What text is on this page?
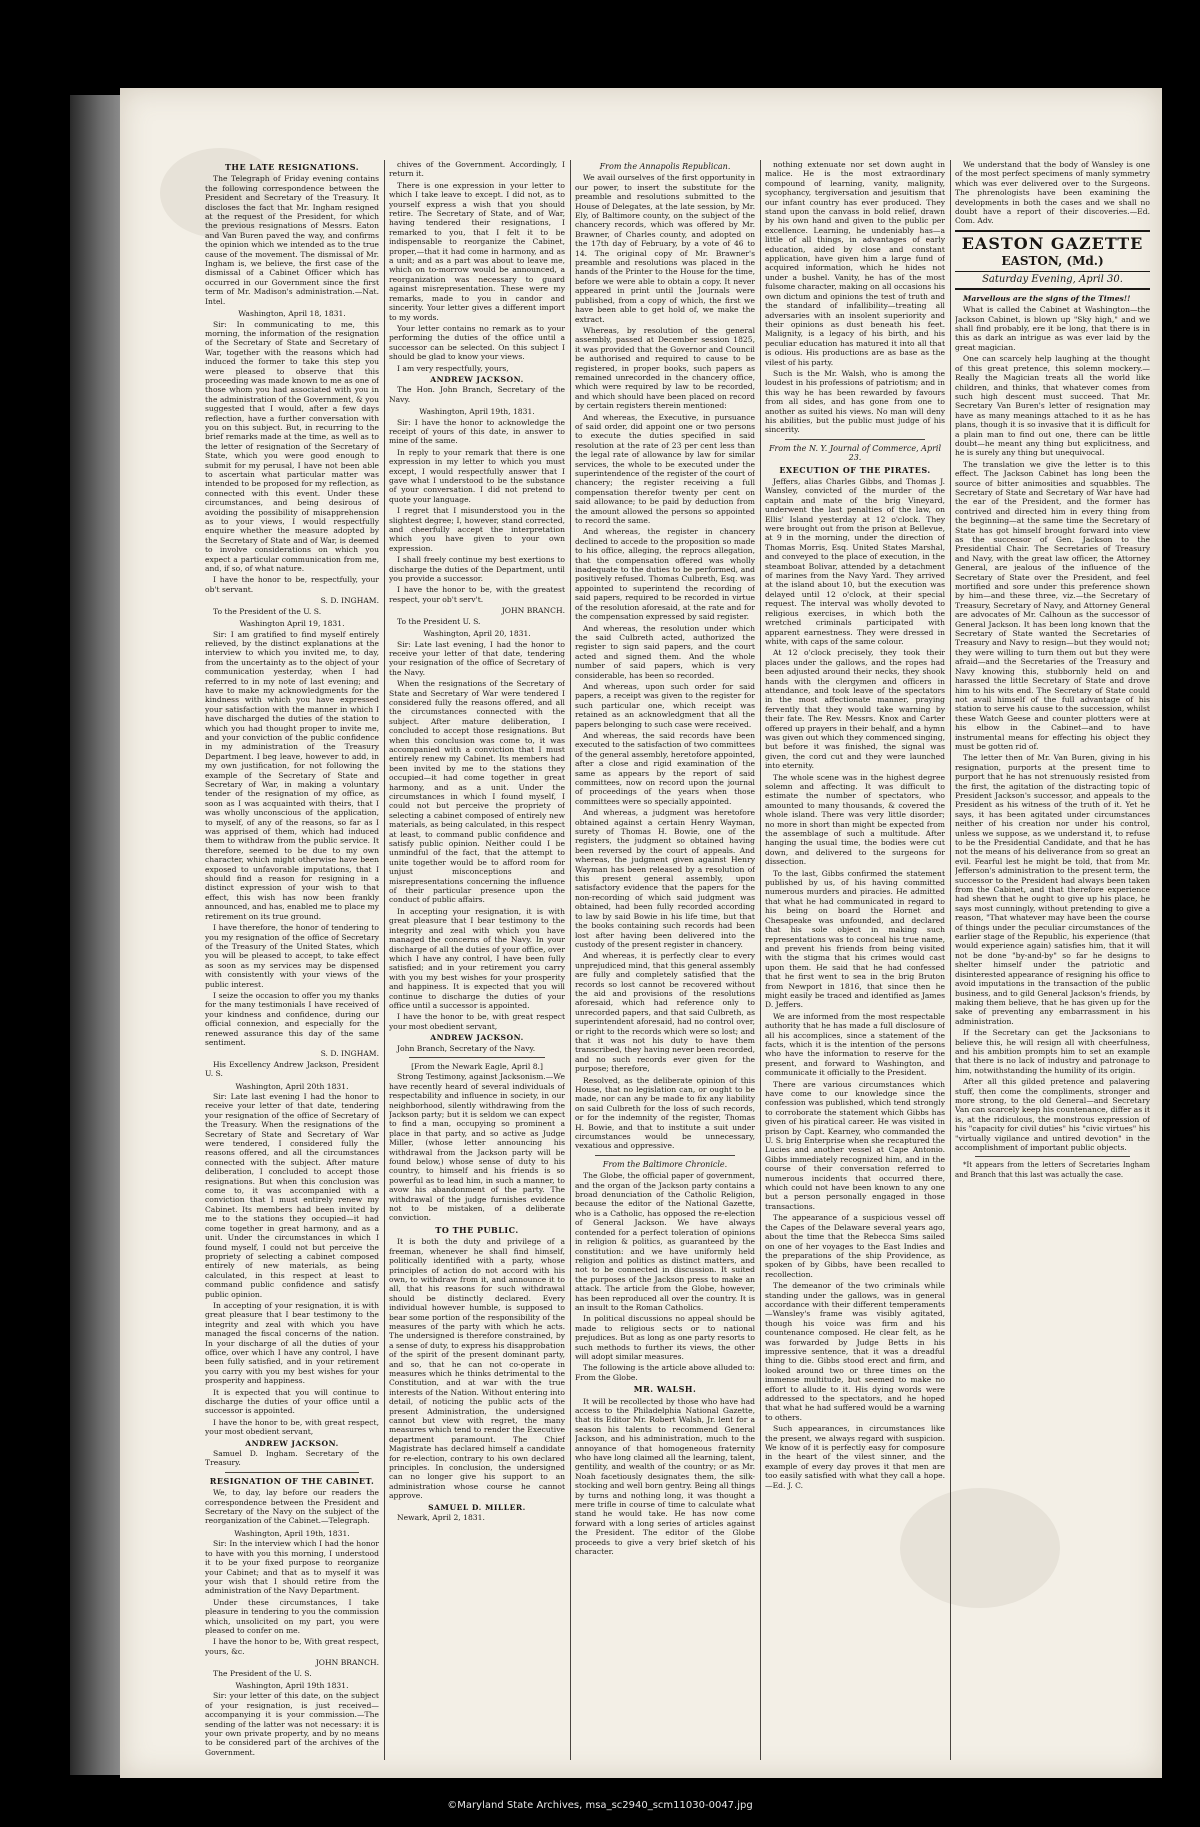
THE LATE RESIGNATIONS.

The Telegraph of Friday evening contains the following correspondence between the President and Secretary of the Treasury. It discloses the fact that Mr. Ingham resigned at the request of the President, for which the previous resignations of Messrs. Eaton and Van Buren paved the way, and confirms the opinion which we intended as to the true cause of the movement. The dismissal of Mr. Ingham is, we believe, the first case of the dismissal of a Cabinet Officer which has occurred in our Government since the first term of Mr. Madison's administration.—Nat. Intel.

Washington, April 18, 1831.

Sir: In communicating to me, this morning, the information of the resignation of the Secretary of State and Secretary of War, together with the reasons which had induced the former to take this step you were pleased to observe that this proceeding was made known to me as one of those whom you had associated with you in the administration of the Government, & you suggested that I would, after a few days reflection, have a further conversation with you on this subject. But, in recurring to the brief remarks made at the time, as well as to the letter of resignation of the Secretary of State, which you were good enough to submit for my perusal, I have not been able to ascertain what particular matter was intended to be proposed for my reflection, as connected with this event. Under these circumstances, and being desirous of avoiding the possibility of misapprehension as to your views, I would respectfully enquire whether the measure adopted by the Secretary of State and of War, is deemed to involve considerations on which you expect a particular communication from me, and, if so, of what nature.

I have the honor to be, respectfully, your ob't servant.

S. D. INGHAM.

To the President of the U. S.

Washington April 19, 1831.

Sir: I am gratified to find myself entirely relieved, by the distinct explanations at the interview to which you invited me, to day, from the uncertainty as to the object of your communication yesterday, when I had referred to in my note of last evening; and have to make my acknowledgments for the kindness with which you have expressed your satisfaction with the manner in which I have discharged the duties of the station to which you had thought proper to invite me, and your conviction of the public confidence in my administration of the Treasury Department. I beg leave, however to add, in my own justification, for not following the example of the Secretary of State and Secretary of War, in making a voluntary tender of the resignation of my office, as soon as I was acquainted with theirs, that I was wholly unconscious of the application, to myself, of any of the reasons, so far as I was apprised of them, which had induced them to withdraw from the public service. It therefore, seemed to be due to my own character, which might otherwise have been exposed to unfavorable imputations, that I should find a reason for resigning in a distinct expression of your wish to that effect, this wish has now been frankly announced, and has, enabled me to place my retirement on its true ground.

I have therefore, the honor of tendering to you my resignation of the office of Secretary of the Treasury of the United States, which you will be pleased to accept, to take effect as soon as my services may be dispensed with consistently with your views of the public interest.

I seize the occasion to offer you my thanks for the many testimonials I have received of your kindness and confidence, during our official connexion, and especially for the renewed assurance this day of the same sentiment.

S. D. INGHAM.

His Excellency Andrew Jackson, President U. S.

Washington, April 20th 1831.

Sir: Late last evening I had the honor to receive your letter of that date, tendering your resignation of the office of Secretary of the Treasury. When the resignations of the Secretary of State and Secretary of War were tendered, I considered fully the reasons offered, and all the circumstances connected with the subject. After mature deliberation, I concluded to accept those resignations. But when this conclusion was come to, it was accompanied with a conviction that I must entirely renew my Cabinet. Its members had been invited by me to the stations they occupied—it had come together in great harmony, and as a unit. Under the circumstances in which I found myself, I could not but perceive the propriety of selecting a cabinet composed entirely of new materials, as being calculated, in this respect at least to command public confidence and satisfy public opinion.

In accepting of your resignation, it is with great pleasure that I bear testimony to the integrity and zeal with which you have managed the fiscal concerns of the nation. In your discharge of all the duties of your office, over which I have any control, I have been fully satisfied, and in your retirement you carry with you my best wishes for your prosperity and happiness.

It is expected that you will continue to discharge the duties of your office until a successor is appointed.

I have the honor to be, with great respect, your most obedient servant,

ANDREW JACKSON.

Samuel D. Ingham. Secretary of the Treasury.

RESIGNATION OF THE CABINET.

We, to day, lay before our readers the correspondence between the President and Secretary of the Navy on the subject of the reorganization of the Cabinet.—Telegraph.

Washington, April 19th, 1831.

Sir: In the interview which I had the honor to have with you this morning, I understood it to be your fixed purpose to reorganize your Cabinet; and that as to myself it was your wish that I should retire from the administration of the Navy Department.

Under these circumstances, I take pleasure in tendering to you the commission which, unsolicited on my part, you were pleased to confer on me.

I have the honor to be, With great respect, yours, &c.

JOHN BRANCH.

The President of the U. S.

Washington, April 19th 1831.

Sir: your letter of this date, on the subject of your resignation, is just received—accompanying it is your commission.—The sending of the latter was not necessary: it is your own private property, and by no means to be considered part of the archives of the Government.

chives of the Government. Accordingly, I return it.

There is one expression in your letter to which I take leave to except. I did not, as to yourself express a wish that you should retire. The Secretary of State, and of War, having tendered their resignations, I remarked to you, that I felt it to be indispensable to reorganize the Cabinet, proper,—that it had come in harmony, and as a unit; and as a part was about to leave me, which on to-morrow would be announced, a reorganization was necessary to guard against misrepresentation. These were my remarks, made to you in candor and sincerity. Your letter gives a different import to my words.

Your letter contains no remark as to your performing the duties of the office until a successor can be selected. On this subject I should be glad to know your views.

I am very respectfully, yours,

ANDREW JACKSON.

The Hon. John Branch, Secretary of the Navy.

Washington, April 19th, 1831.

Sir: I have the honor to acknowledge the receipt of yours of this date, in answer to mine of the same.

In reply to your remark that there is one expression in my letter to which you must except, I would respectfully answer that I gave what I understood to be the substance of your conversation. I did not pretend to quote your language.

I regret that I misunderstood you in the slightest degree; I, however, stand corrected, and cheerfully accept the interpretation which you have given to your own expression.

I shall freely continue my best exertions to discharge the duties of the Department, until you provide a successor.

I have the honor to be, with the greatest respect, your ob't serv't.

JOHN BRANCH.

To the President U. S.

Washington, April 20, 1831.

Sir: Late last evening, I had the honor to receive your letter of that date, tendering your resignation of the office of Secretary of the Navy.

When the resignations of the Secretary of State and Secretary of War were tendered I considered fully the reasons offered, and all the circumstances connected with the subject. After mature deliberation, I concluded to accept those resignations. But when this conclusion was come to, it was accompanied with a conviction that I must entirely renew my Cabinet. Its members had been invited by me to the stations they occupied—it had come together in great harmony, and as a unit. Under the circumstances in which I found myself, I could not but perceive the propriety of selecting a cabinet composed of entirely new materials, as being calculated, in this respect at least, to command public confidence and satisfy public opinion. Neither could I be unmindful of the fact, that the attempt to unite together would be to afford room for unjust misconceptions and misrepresentations concerning the influence of their particular presence upon the conduct of public affairs.

In accepting your resignation, it is with great pleasure that I bear testimony to the integrity and zeal with which you have managed the concerns of the Navy. In your discharge of all the duties of your office, over which I have any control, I have been fully satisfied; and in your retirement you carry with you my best wishes for your prosperity and happiness. It is expected that you will continue to discharge the duties of your office until a successor is appointed.

I have the honor to be, with great respect your most obedient servant,

ANDREW JACKSON.

John Branch, Secretary of the Navy.

[From the Newark Eagle, April 8.]

Strong Testimony, against Jacksonism.—We have recently heard of several individuals of respectability and influence in society, in our neighborhood, silently withdrawing from the Jackson party; but it is seldom we can expect to find a man, occupying so prominent a place in that party, and so active as Judge Miller, (whose letter announcing his withdrawal from the Jackson party will be found below,) whose sense of duty to his country, to himself and his friends is so powerful as to lead him, in such a manner, to avow his abandonment of the party. The withdrawal of the judge furnishes evidence not to be mistaken, of a deliberate conviction.

TO THE PUBLIC.

It is both the duty and privilege of a freeman, whenever he shall find himself, politically identified with a party, whose principles of action do not accord with his own, to withdraw from it, and announce it to all, that his reasons for such withdrawal should be distinctly declared. Every individual however humble, is supposed to bear some portion of the responsibility of the measures of the party with which he acts. The undersigned is therefore constrained, by a sense of duty, to express his disapprobation of the spirit of the present dominant party, and so, that he can not co-operate in measures which he thinks detrimental to the Constitution, and at war with the true interests of the Nation. Without entering into detail, of noticing the public acts of the present Administration, the undersigned cannot but view with regret, the many measures which tend to render the Executive department paramount. The Chief Magistrate has declared himself a candidate for re-election, contrary to his own declared principles. In conclusion, the undersigned can no longer give his support to an administration whose course he cannot approve.

SAMUEL D. MILLER.

Newark, April 2, 1831.

From the Annapolis Republican.

We avail ourselves of the first opportunity in our power, to insert the substitute for the preamble and resolutions submitted to the House of Delegates, at the late session, by Mr. Ely, of Baltimore county, on the subject of the chancery records, which was offered by Mr. Brawner, of Charles county, and adopted on the 17th day of February, by a vote of 46 to 14. The original copy of Mr. Brawner's preamble and resolutions was placed in the hands of the Printer to the House for the time, before we were able to obtain a copy. It never appeared in print until the Journals were published, from a copy of which, the first we have been able to get hold of, we make the extract.

Whereas, by resolution of the general assembly, passed at December session 1825, it was provided that the Governor and Council be authorised and required to cause to be registered, in proper books, such papers as remained unrecorded in the chancery office, which were required by law to be recorded, and which should have been placed on record by certain registers therein mentioned:

And whereas, the Executive, in pursuance of said order, did appoint one or two persons to execute the duties specified in said resolution at the rate of 23 per cent less than the legal rate of allowance by law for similar services, the whole to be executed under the superintendence of the register of the court of chancery; the register receiving a full compensation therefor twenty per cent on said allowance; to be paid by deduction from the amount allowed the persons so appointed to record the same.

And whereas, the register in chancery declined to accede to the proposition so made to his office, alleging, the reprocs allegation, that the compensation offered was wholly inadequate to the duties to be performed, and positively refused. Thomas Culbreth, Esq. was appointed to superintend the recording of said papers, required to be recorded in virtue of the resolution aforesaid, at the rate and for the compensation expressed by said register.

And whereas, the resolution under which the said Culbreth acted, authorized the register to sign said papers, and the court acted and signed them. And the whole number of said papers, which is very considerable, has been so recorded.

And whereas, upon such order for said papers, a receipt was given to the register for such particular one, which receipt was retained as an acknowledgment that all the papers belonging to such case were received.

And whereas, the said records have been executed to the satisfaction of two committees of the general assembly, heretofore appointed, after a close and rigid examination of the same as appears by the report of said committees, now on record upon the journal of proceedings of the years when those committees were so specially appointed.

And whereas, a judgment was heretofore obtained against a certain Henry Wayman, surety of Thomas H. Bowie, one of the registers, the judgment so obtained having been reversed by the court of appeals. And whereas, the judgment given against Henry Wayman has been released by a resolution of this present general assembly, upon satisfactory evidence that the papers for the non-recording of which said judgment was obtained, had been fully recorded according to law by said Bowie in his life time, but that the books containing such records had been lost after having been delivered into the custody of the present register in chancery.

And whereas, it is perfectly clear to every unprejudiced mind, that this general assembly are fully and completely satisfied that the records so lost cannot be recovered without the aid and provisions of the resolutions aforesaid, which had reference only to unrecorded papers, and that said Culbreth, as superintendent aforesaid, had no control over, or right to the records which were so lost; and that it was not his duty to have them transcribed, they having never been recorded, and no such records ever given for the purpose; therefore,

Resolved, as the deliberate opinion of this House, that no legislation can, or ought to be made, nor can any be made to fix any liability on said Culbreth for the loss of such records, or for the indemnity of the register, Thomas H. Bowie, and that to institute a suit under circumstances would be unnecessary, vexatious and oppressive.

From the Baltimore Chronicle.

The Globe, the official paper of government, and the organ of the Jackson party contains a broad denunciation of the Catholic Religion, because the editor of the National Gazette, who is a Catholic, has opposed the re-election of General Jackson. We have always contended for a perfect toleration of opinions in religion & politics, as guaranteed by the constitution: and we have uniformly held religion and politics as distinct matters, and not to be connected in discussion. It suited the purposes of the Jackson press to make an attack. The article from the Globe, however, has been reproduced all over the country. It is an insult to the Roman Catholics.

In political discussions no appeal should be made to religious sects or to national prejudices. But as long as one party resorts to such methods to further its views, the other will adopt similar measures.

The following is the article above alluded to: From the Globe.

MR. WALSH.

It will be recollected by those who have had access to the Philadelphia National Gazette, that its Editor Mr. Robert Walsh, Jr. lent for a season his talents to recommend General Jackson, and his administration, much to the annoyance of that homogeneous fraternity who have long claimed all the learning, talent, gentility, and wealth of the country; or as Mr. Noah facetiously designates them, the silk-stocking and well born gentry. Being all things by turns and nothing long, it was thought a mere trifle in course of time to calculate what stand he would take. He has now come forward with a long series of articles against the President. The editor of the Globe proceeds to give a very brief sketch of his character.

nothing extenuate nor set down aught in malice. He is the most extraordinary compound of learning, vanity, malignity, sycophancy, tergiversation and jesuitism that our infant country has ever produced. They stand upon the canvass in bold relief, drawn by his own hand and given to the public per excellence. Learning, he undeniably has—a little of all things, in advantages of early education, aided by close and constant application, have given him a large fund of acquired information, which he hides not under a bushel. Vanity, he has of the most fulsome character, making on all occasions his own dictum and opinions the test of truth and the standard of infallibility—treating all adversaries with an insolent superiority and their opinions as dust beneath his feet. Malignity, is a legacy of his birth, and his peculiar education has matured it into all that is odious. His productions are as base as the vilest of his party.

Such is the Mr. Walsh, who is among the loudest in his professions of patriotism; and in this way he has been rewarded by favours from all sides, and has gone from one to another as suited his views. No man will deny his abilities, but the public must judge of his sincerity.

From the N. Y. Journal of Commerce, April 23.
EXECUTION OF THE PIRATES.

Jeffers, alias Charles Gibbs, and Thomas J. Wansley, convicted of the murder of the captain and mate of the brig Vineyard, underwent the last penalties of the law, on Ellis' Island yesterday at 12 o'clock. They were brought out from the prison at Bellevue, at 9 in the morning, under the direction of Thomas Morris, Esq. United States Marshal, and conveyed to the place of execution, in the steamboat Bolivar, attended by a detachment of marines from the Navy Yard. They arrived at the island about 10, but the execution was delayed until 12 o'clock, at their special request. The interval was wholly devoted to religious exercises, in which both the wretched criminals participated with apparent earnestness. They were dressed in white, with caps of the same colour.

At 12 o'clock precisely, they took their places under the gallows, and the ropes had been adjusted around their necks, they shook hands with the clergymen and officers in attendance, and took leave of the spectators in the most affectionate manner, praying fervently that they would take warning by their fate. The Rev. Messrs. Knox and Carter offered up prayers in their behalf, and a hymn was given out which they commenced singing, but before it was finished, the signal was given, the cord cut and they were launched into eternity.

The whole scene was in the highest degree solemn and affecting. It was difficult to estimate the number of spectators, who amounted to many thousands, & covered the whole island. There was very little disorder; no more in short than might be expected from the assemblage of such a multitude. After hanging the usual time, the bodies were cut down, and delivered to the surgeons for dissection.

To the last, Gibbs confirmed the statement published by us, of his having committed numerous murders and piracies. He admitted that what he had communicated in regard to his being on board the Hornet and Chesapeake was unfounded, and declared that his sole object in making such representations was to conceal his true name, and prevent his friends from being visited with the stigma that his crimes would cast upon them. He said that he had confessed that he first went to sea in the brig Bruton from Newport in 1816, that since then he might easily be traced and identified as James D. Jeffers.

We are informed from the most respectable authority that he has made a full disclosure of all his accomplices, since a statement of the facts, which it is the intention of the persons who have the information to reserve for the present, and forward to Washington, and communicate it officially to the President.

There are various circumstances which have come to our knowledge since the confession was published, which tend strongly to corroborate the statement which Gibbs has given of his piratical career. He was visited in prison by Capt. Kearney, who commanded the U. S. brig Enterprise when she recaptured the Lucies and another vessel at Cape Antonio. Gibbs immediately recognized him, and in the course of their conversation referred to numerous incidents that occurred there, which could not have been known to any one but a person personally engaged in those transactions.

The appearance of a suspicious vessel off the Capes of the Delaware several years ago, about the time that the Rebecca Sims sailed on one of her voyages to the East Indies and the preparations of the ship Providence, as spoken of by Gibbs, have been recalled to recollection.

The demeanor of the two criminals while standing under the gallows, was in general accordance with their different temperaments—Wansley's frame was visibly agitated, though his voice was firm and his countenance composed. He clear felt, as he was forwarded by Judge Betts in his impressive sentence, that it was a dreadful thing to die. Gibbs stood erect and firm, and looked around two or three times on the immense multitude, but seemed to make no effort to allude to it. His dying words were addressed to the spectators, and he hoped that what he had suffered would be a warning to others.

Such appearances, in circumstances like the present, we always regard with suspicion. We know of it is perfectly easy for composure in the heart of the vilest sinner, and the example of every day proves it that men are too easily satisfied with what they call a hope.—Ed. J. C.

We understand that the body of Wansley is one of the most perfect specimens of manly symmetry which was ever delivered over to the Surgeons. The phrenologists have been examining the developments in both the cases and we shall no doubt have a report of their discoveries.—Ed. Com. Adv.

EASTON GAZETTE
EASTON, (Md.)
Saturday Evening, April 30.

Marvellous are the signs of the Times!!

What is called the Cabinet at Washington—the Jackson Cabinet, is blown up "Sky high," and we shall find probably, ere it be long, that there is in this as dark an intrigue as was ever laid by the great magician.

One can scarcely help laughing at the thought of this great pretence, this solemn mockery.—Really the Magician treats all the world like children, and thinks, that whatever comes from such high descent must succeed. That Mr. Secretary Van Buren's letter of resignation may have as many meanings attached to it as he has plans, though it is so invasive that it is difficult for a plain man to find out one, there can be little doubt—he meant any thing but explicitness, and he is surely any thing but unequivocal.

The translation we give the letter is to this effect. The Jackson Cabinet has long been the source of bitter animosities and squabbles. The Secretary of State and Secretary of War have had the ear of the President, and the former has contrived and directed him in every thing from the beginning—at the same time the Secretary of State has got himself brought forward into view as the successor of Gen. Jackson to the Presidential Chair. The Secretaries of Treasury and Navy, with the great law officer, the Attorney General, are jealous of the influence of the Secretary of State over the President, and feel mortified and sore under this preference shown by him—and these three, viz.—the Secretary of Treasury, Secretary of Navy, and Attorney General are advocates of Mr. Calhoun as the successor of General Jackson. It has been long known that the Secretary of State wanted the Secretaries of Treasury and Navy to resign—but they would not; they were willing to turn them out but they were afraid—and the Secretaries of the Treasury and Navy knowing this, stubbornly held on and harassed the little Secretary of State and drove him to his wits end. The Secretary of State could not avail himself of the full advantage of his station to serve his cause to the succession, whilst these Watch Geese and counter plotters were at his elbow in the Cabinet—and to have instrumental means for effecting his object they must be gotten rid of.

The letter then of Mr. Van Buren, giving in his resignation, purports at the present time to purport that he has not strenuously resisted from the first, the agitation of the distracting topic of President Jackson's successor, and appeals to the President as his witness of the truth of it. Yet he says, it has been agitated under circumstances neither of his creation nor under his control, unless we suppose, as we understand it, to refuse to be the Presidential Candidate, and that he has not the means of his deliverance from so great an evil. Fearful lest he might be told, that from Mr. Jefferson's administration to the present term, the successor to the President had always been taken from the Cabinet, and that therefore experience had shewn that he ought to give up his place, he says most cunningly, without pretending to give a reason, "That whatever may have been the course of things under the peculiar circumstances of the earlier stage of the Republic, his experience (that would experience again) satisfies him, that it will not be done "by-and-by" so far he designs to shelter himself under the patriotic and disinterested appearance of resigning his office to avoid imputations in the transaction of the public business, and to gild General Jackson's friends, by making them believe, that he has given up for the sake of preventing any embarrassment in his administration.

If the Secretary can get the Jacksonians to believe this, he will resign all with cheerfulness, and his ambition prompts him to set an example that there is no lack of industry and patronage to him, notwithstanding the humility of its origin.

After all this gilded pretence and palavering stuff, then come the compliments, stronger and more strong, to the old General—and Secretary Van can scarcely keep his countenance, differ as it is, at the ridiculous, the monstrous expression of his "capacity for civil duties" his "civic virtues" his "virtually vigilance and untired devotion" in the accomplishment of important public objects.

*It appears from the letters of Secretaries Ingham and Branch that this last was actually the case.

©Maryland State Archives, msa_sc2940_scm11030-0047.jpg
